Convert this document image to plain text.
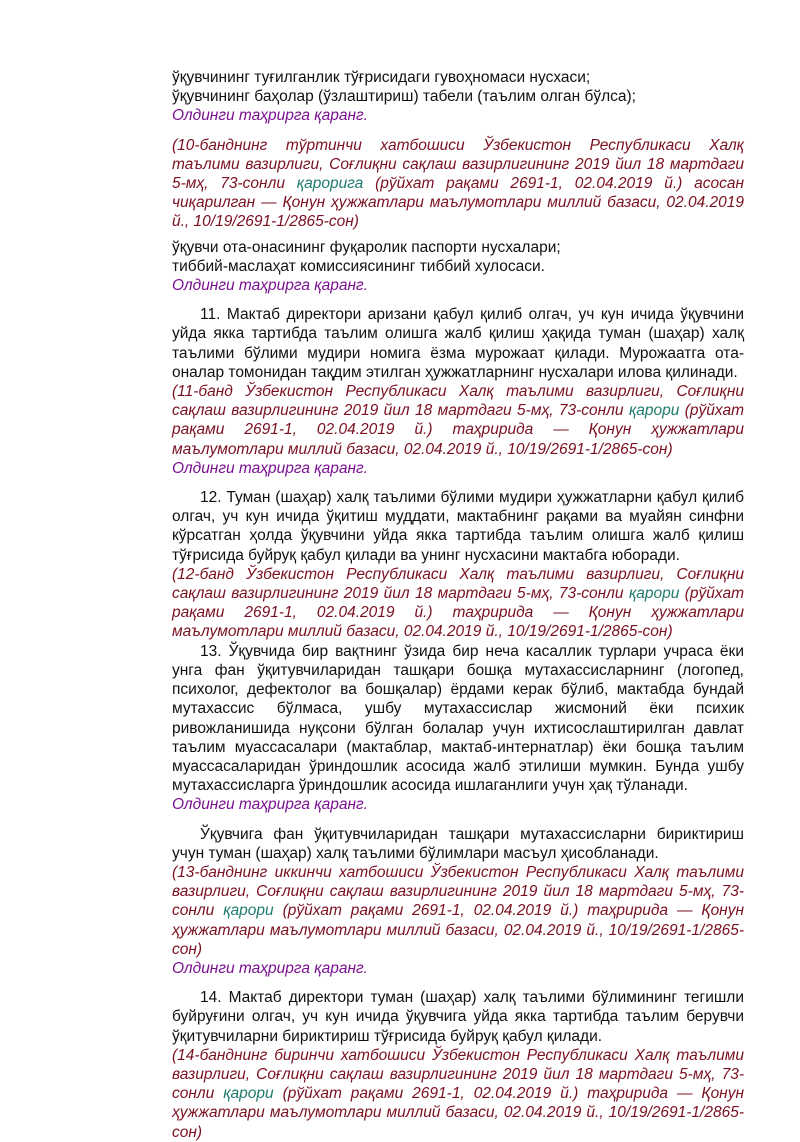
ўқувчининг туғилганлик тўғрисидаги гувоҳномаси нусхаси;

ўқувчининг баҳолар (ўзлаштириш) табели (таълим олган бўлса);

Олдинги таҳрирга қаранг.

(10-банднинг тўртинчи хатбошиси Ўзбекистон Республикаси Халқ таълими вазирлиги, Соғлиқни сақлаш вазирлигининг 2019 йил 18 мартдаги 5-мҳ, 73-сонли қарорига (рўйхат рақами 2691-1, 02.04.2019 й.) асосан чиқарилган — Қонун ҳужжатлари маълумотлари миллий базаси, 02.04.2019 й., 10/19/2691-1/2865-сон)

ўқувчи ота-онасининг фуқаролик паспорти нусхалари;

тиббий-маслаҳат комиссиясининг тиббий хулосаси.

Олдинги таҳрирга қаранг.

11. Мактаб директори аризани қабул қилиб олгач, уч кун ичида ўқувчини уйда якка тартибда таълим олишга жалб қилиш ҳақида туман (шаҳар) халқ таълими бўлими мудири номига ёзма мурожаат қилади. Мурожаатга ота-оналар томонидан тақдим этилган ҳужжатларнинг нусхалари илова қилинади.

(11-банд Ўзбекистон Республикаси Халқ таълими вазирлиги, Соғлиқни сақлаш вазирлигининг 2019 йил 18 мартдаги 5-мҳ, 73-сонли қарори (рўйхат рақами 2691-1, 02.04.2019 й.) таҳририда — Қонун ҳужжатлари маълумотлари миллий базаси, 02.04.2019 й., 10/19/2691-1/2865-сон)

Олдинги таҳрирга қаранг.

12. Туман (шаҳар) халқ таълими бўлими мудири ҳужжатларни қабул қилиб олгач, уч кун ичида ўқитиш муддати, мактабнинг рақами ва муайян синфни кўрсатган ҳолда ўқувчини уйда якка тартибда таълим олишга жалб қилиш тўғрисида буйруқ қабул қилади ва унинг нусхасини мактабга юборади.

(12-банд Ўзбекистон Республикаси Халқ таълими вазирлиги, Соғлиқни сақлаш вазирлигининг 2019 йил 18 мартдаги 5-мҳ, 73-сонли қарори (рўйхат рақами 2691-1, 02.04.2019 й.) таҳририда — Қонун ҳужжатлари маълумотлари миллий базаси, 02.04.2019 й., 10/19/2691-1/2865-сон)

13. Ўқувчида бир вақтнинг ўзида бир неча касаллик турлари учраса ёки унга фан ўқитувчиларидан ташқари бошқа мутахассисларнинг (логопед, психолог, дефектолог ва бошқалар) ёрдами керак бўлиб, мактабда бундай мутахассис бўлмаса, ушбу мутахассислар жисмоний ёки психик ривожланишида нуқсони бўлган болалар учун ихтисослаштирилган давлат таълим муассасалари (мактаблар, мактаб-интернатлар) ёки бошқа таълим муассасаларидан ўриндошлик асосида жалб этилиши мумкин. Бунда ушбу мутахассисларга ўриндошлик асосида ишлаганлиги учун ҳақ тўланади.

Олдинги таҳрирга қаранг.

Ўқувчига фан ўқитувчиларидан ташқари мутахассисларни бириктириш учун туман (шаҳар) халқ таълими бўлимлари масъул ҳисобланади.

(13-банднинг иккинчи хатбошиси Ўзбекистон Республикаси Халқ таълими вазирлиги, Соғлиқни сақлаш вазирлигининг 2019 йил 18 мартдаги 5-мҳ, 73-сонли қарори (рўйхат рақами 2691-1, 02.04.2019 й.) таҳририда — Қонун ҳужжатлари маълумотлари миллий базаси, 02.04.2019 й., 10/19/2691-1/2865-сон)

Олдинги таҳрирга қаранг.

14. Мактаб директори туман (шаҳар) халқ таълими бўлимининг тегишли буйруғини олгач, уч кун ичида ўқувчига уйда якка тартибда таълим берувчи ўқитувчиларни бириктириш тўғрисида буйруқ қабул қилади.

(14-банднинг биринчи хатбошиси Ўзбекистон Республикаси Халқ таълими вазирлиги, Соғлиқни сақлаш вазирлигининг 2019 йил 18 мартдаги 5-мҳ, 73-сонли қарори (рўйхат рақами 2691-1, 02.04.2019 й.) таҳририда — Қонун ҳужжатлари маълумотлари миллий базаси, 02.04.2019 й., 10/19/2691-1/2865-сон)
